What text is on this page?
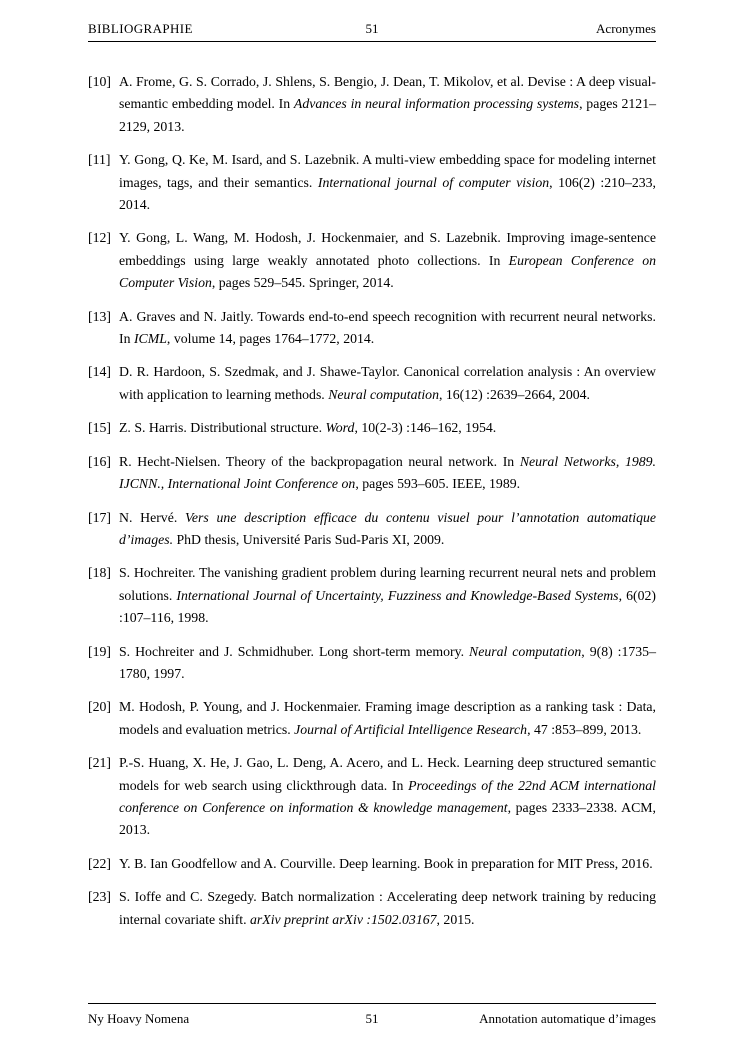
BIBLIOGRAPHIE	51	Acronymes
[10] A. Frome, G. S. Corrado, J. Shlens, S. Bengio, J. Dean, T. Mikolov, et al. Devise : A deep visual-semantic embedding model. In Advances in neural information processing systems, pages 2121–2129, 2013.
[11] Y. Gong, Q. Ke, M. Isard, and S. Lazebnik. A multi-view embedding space for modeling internet images, tags, and their semantics. International journal of computer vision, 106(2) :210–233, 2014.
[12] Y. Gong, L. Wang, M. Hodosh, J. Hockenmaier, and S. Lazebnik. Improving image-sentence embeddings using large weakly annotated photo collections. In European Conference on Computer Vision, pages 529–545. Springer, 2014.
[13] A. Graves and N. Jaitly. Towards end-to-end speech recognition with recurrent neural networks. In ICML, volume 14, pages 1764–1772, 2014.
[14] D. R. Hardoon, S. Szedmak, and J. Shawe-Taylor. Canonical correlation analysis : An overview with application to learning methods. Neural computation, 16(12) :2639–2664, 2004.
[15] Z. S. Harris. Distributional structure. Word, 10(2-3) :146–162, 1954.
[16] R. Hecht-Nielsen. Theory of the backpropagation neural network. In Neural Networks, 1989. IJCNN., International Joint Conference on, pages 593–605. IEEE, 1989.
[17] N. Hervé. Vers une description efficace du contenu visuel pour l’annotation automatique d’images. PhD thesis, Université Paris Sud-Paris XI, 2009.
[18] S. Hochreiter. The vanishing gradient problem during learning recurrent neural nets and problem solutions. International Journal of Uncertainty, Fuzziness and Knowledge-Based Systems, 6(02) :107–116, 1998.
[19] S. Hochreiter and J. Schmidhuber. Long short-term memory. Neural computation, 9(8) :1735–1780, 1997.
[20] M. Hodosh, P. Young, and J. Hockenmaier. Framing image description as a ranking task : Data, models and evaluation metrics. Journal of Artificial Intelligence Research, 47 :853–899, 2013.
[21] P.-S. Huang, X. He, J. Gao, L. Deng, A. Acero, and L. Heck. Learning deep structured semantic models for web search using clickthrough data. In Proceedings of the 22nd ACM international conference on Conference on information & knowledge management, pages 2333–2338. ACM, 2013.
[22] Y. B. Ian Goodfellow and A. Courville. Deep learning. Book in preparation for MIT Press, 2016.
[23] S. Ioffe and C. Szegedy. Batch normalization : Accelerating deep network training by reducing internal covariate shift. arXiv preprint arXiv :1502.03167, 2015.
Ny Hoavy Nomena	51	Annotation automatique d’images
